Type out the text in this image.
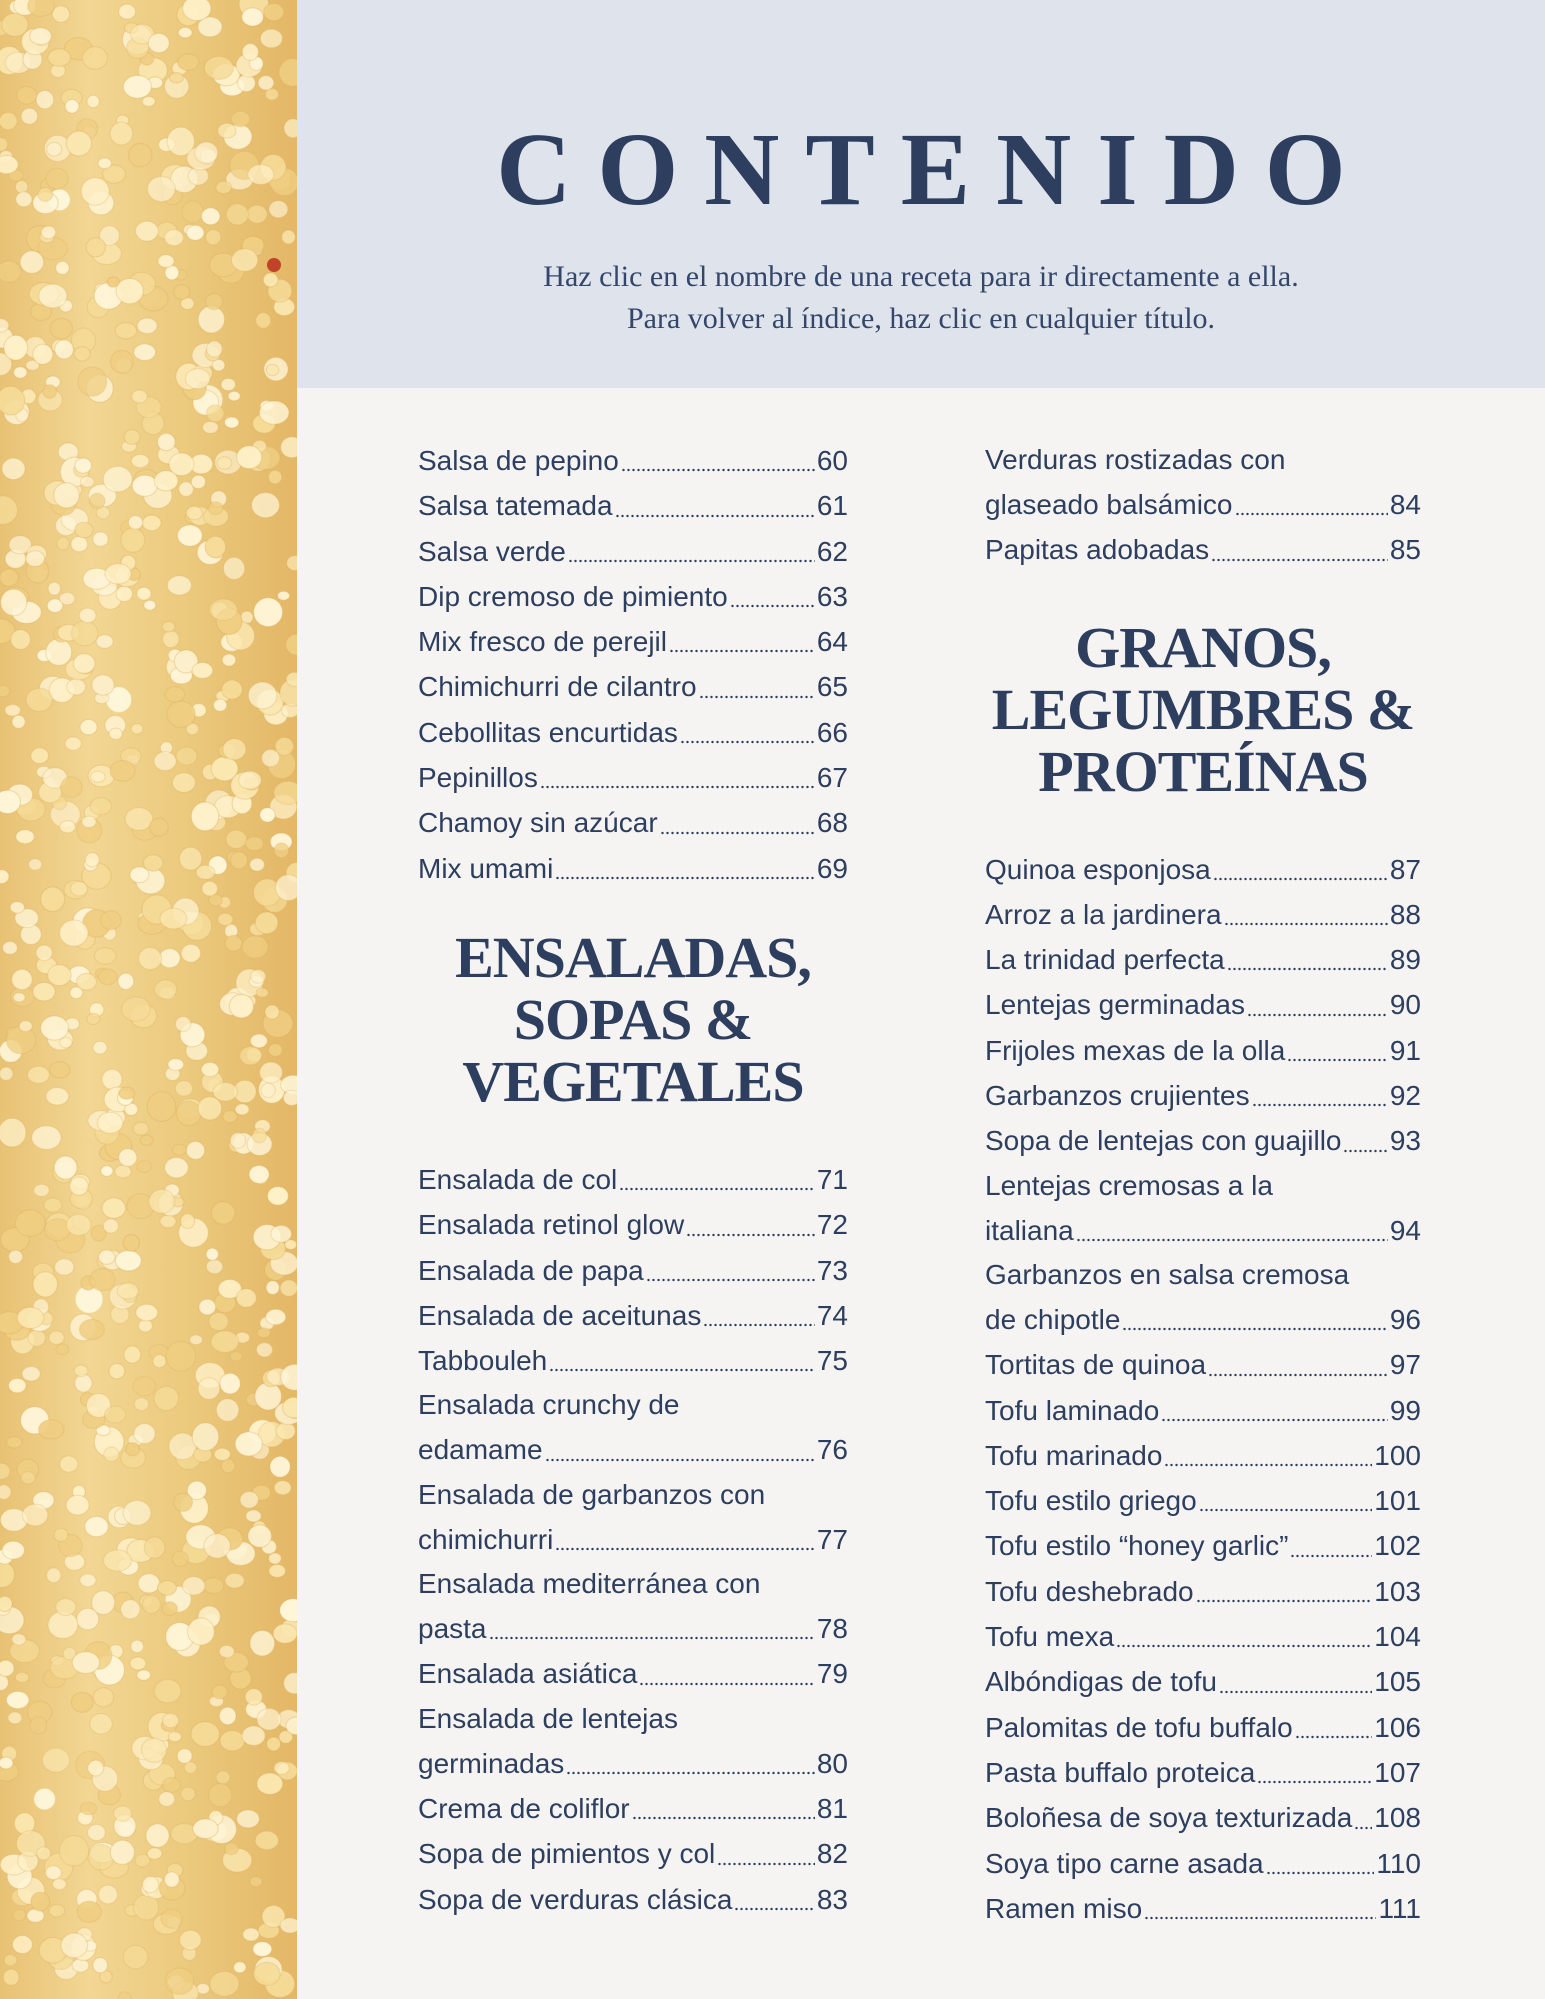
CONTENIDO
Haz clic en el nombre de una receta para ir directamente a ella.
Para volver al índice, haz clic en cualquier título.
Salsa de pepino	60
Salsa tatemada	61
Salsa verde	62
Dip cremoso de pimiento	63
Mix fresco de perejil	64
Chimichurri de cilantro	65
Cebollitas encurtidas	66
Pepinillos	67
Chamoy sin azúcar	68
Mix umami	69
ENSALADAS,
SOPAS &
VEGETALES
Ensalada de col	71
Ensalada retinol glow	72
Ensalada de papa	73
Ensalada de aceitunas	74
Tabbouleh	75
Ensalada crunchy de
edamame	76
Ensalada de garbanzos con
chimichurri	77
Ensalada mediterránea con
pasta	78
Ensalada asiática	79
Ensalada de lentejas
germinadas	80
Crema de coliflor	81
Sopa de pimientos y col	82
Sopa de verduras clásica	83
Verduras rostizadas con
glaseado balsámico	84
Papitas adobadas	85
GRANOS,
LEGUMBRES &
PROTEÍNAS
Quinoa esponjosa	87
Arroz a la jardinera	88
La trinidad perfecta	89
Lentejas germinadas	90
Frijoles mexas de la olla	91
Garbanzos crujientes	92
Sopa de lentejas con guajillo 93
Lentejas cremosas a la
italiana	94
Garbanzos en salsa cremosa
de chipotle	96
Tortitas de quinoa	97
Tofu laminado	99
Tofu marinado	100
Tofu estilo griego	101
Tofu estilo “honey garlic”	102
Tofu deshebrado	103
Tofu mexa	104
Albóndigas de tofu	105
Palomitas de tofu buffalo	106
Pasta buffalo proteica	107
Boloñesa de soya texturizada 108
Soya tipo carne asada	110
Ramen miso	111
